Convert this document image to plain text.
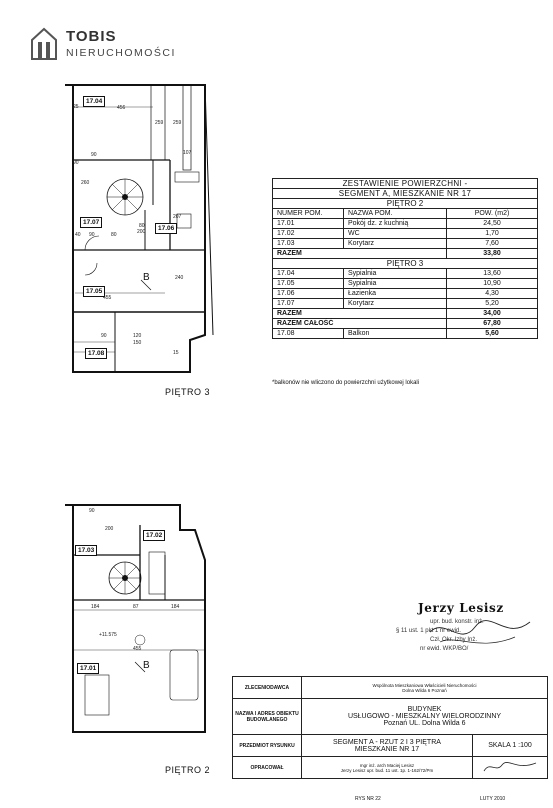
TOBIS
NIERUCHOMOŚCI
17.04
17.07
17.06
17.05
17.08
25	456
259 259
107
90
90
260
200
80
40 90	80
207
455
240
B
120
90
150
15
PIĘTRO 3
17.03
17.02
17.01
90
200
184	87	184
455
+11.575
B
PIĘTRO 2
ZESTAWIENIE POWIERZCHNI -		
SEGMENT A, MIESZKANIE NR 17		
PIĘTRO 2		
NUMER POM.	NAZWA POM.	POW. (m2)
17.01	Pokój dz. z kuchnią	24,50
17.02	WC	1,70
17.03	Korytarz	7,60
RAZEM		33,80
PIĘTRO 3		
17.04	Sypialnia	13,60
17.05	Sypialnia	10,90
17.06	Łazienka	4,30
17.07	Korytarz	5,20
RAZEM		34,00
RAZEM CAŁOŚĆ		67,80
17.08	Balkon	5,60
*balkonów nie wliczono do powierzchni użytkowej lokali
Jerzy Lesisz
upr. bud. konstr. inż.
§ 11 ust. 1 pkt 1 nr ewid.
Czł. Okr. Izby Inż.
nr ewid. WKP/BO/
ZLECENIODAWCA	Wspólnota Mieszkaniowa Właścicieli Nieruchomości
Dolna Wilda 6 Poznań	

NAZWA I ADRES OBIEKTU BUDOWLANEGO	BUDYNEK
USŁUGOWO - MIESZKALNY WIELORODZINNY
Poznań UL. Dolna Wilda 6	

PRZEDMIOT RYSUNKU	SEGMENT A - RZUT 2 I 3 PIĘTRA
MIESZKANIE NR 17	SKALA 1 :100
OPRACOWAŁ	mgr inż. arch Maciej Lesisz
Jerzy Lesisz upr. bud. 11 ust. 1p. 1-162/72/Pm

RYS NR 22	LUTY 2010
